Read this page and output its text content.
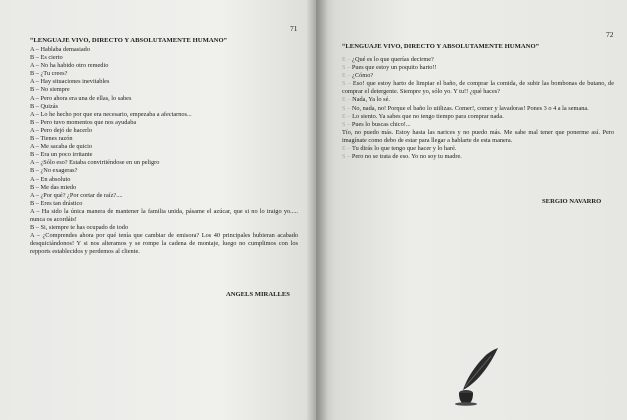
71
“LENGUAJE VIVO, DIRECTO Y ABSOLUTAMENTE HUMANO”
A – Hablaba demasiado
B – Es cierto
A – No ha habido otro remedio
B – ¿Tu crees?
A – Hay situaciones inevitables
B – No siempre
A – Pero ahora era una de ellas, lo sabes
B – Quizás
A – Lo he hecho por que era necesario, empezaba a afectarnos...
B – Pero tuvo momentos que nos ayudaba
A – Pero dejó de hacerlo
B – Tienes razón
A – Me sacaba de quicio
B – Era un poco irritante
A – ¿Sólo eso? Estaba convirtiéndose en un peligro
B – ¿No exageras?
A – En absoluto
B – Me das miedo
A – ¿Por qué? ¿Por cortar de raíz?....
B – Eres tan drástico
A – Ha sido la única manera de mantener la familia unida, pásame el azúcar, que si no lo traigo yo..... nunca os acordáis!
B – Si, siempre te has ocupado de todo
A – ¿Comprendes ahora por qué tenía que cambiar de emisora? Los 40 principales hubieran acabado desquiciándonos! Y si nos alteramos y se rompe la cadena de montaje, luego no cumplimos con los repports establecidos y perdemos al cliente.
ANGELS MIRALLES
72
“LENGUAJE VIVO, DIRECTO Y ABSOLUTAMENTE HUMANO”
E – ¿Qué es lo que querías decirme?
S – Pues que estoy un poquito harto!!
E – ¿Cómo?
S – Eso! que estoy harto de limpiar el baño, de comprar la comida, de subir las bombonas de butano, de comprar el detergente. Siempre yo, sólo yo. Y tu!! ¿qué haces?
E – Nada, Ya lo sé.
S – No, nada, no! Porque el baño lo utilizas. Comer!, comer y lavadoras! Pones 3 o 4 a la semana.
E – Lo siento. Ya sabes que no tengo tiempo para comprar nada.
S – Pues lo buscas chico!...
Tío, no puedo más. Estoy hasta las narices y no puedo más. Me sabe mal tener que ponerme así. Pero imagínate como debo de estar para llegar a hablarte de esta manera.
E – Tu dirás lo que tengo que hacer y lo haré.
S – Pero no se trata de eso. Yo no soy tu madre.
SERGIO NAVARRO
